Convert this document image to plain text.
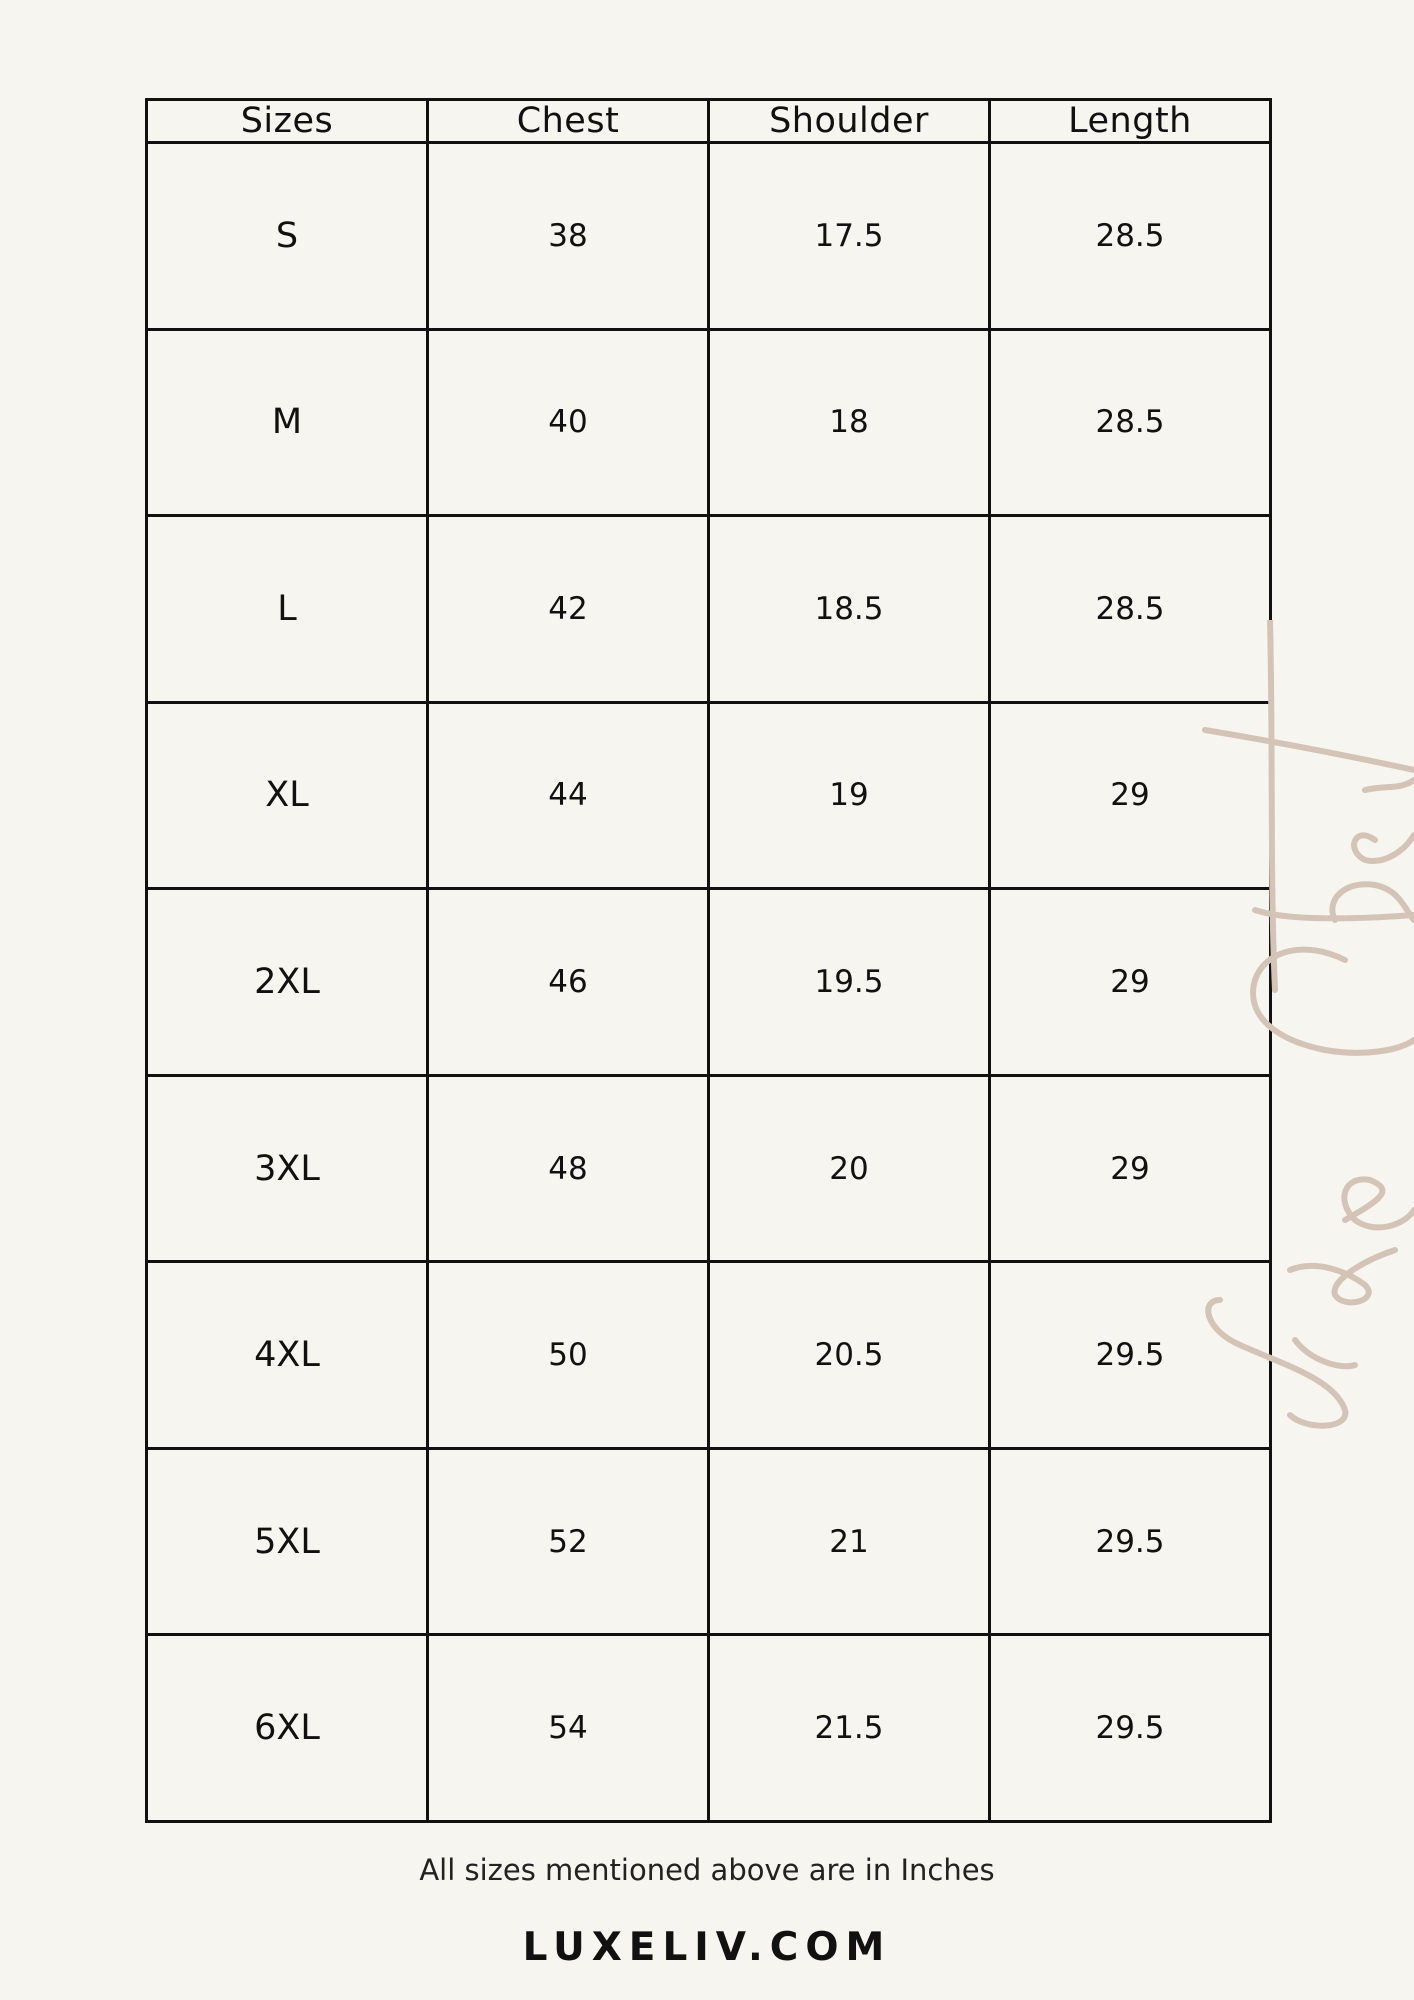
Sizes	Chest	Shoulder	Length
S	38	17.5	28.5
M	40	18	28.5
L	42	18.5	28.5
XL	44	19	29
2XL	46	19.5	29
3XL	48	20	29
4XL	50	20.5	29.5
5XL	52	21	29.5
6XL	54	21.5	29.5
All sizes mentioned above are in Inches
LUXELIV.COM
